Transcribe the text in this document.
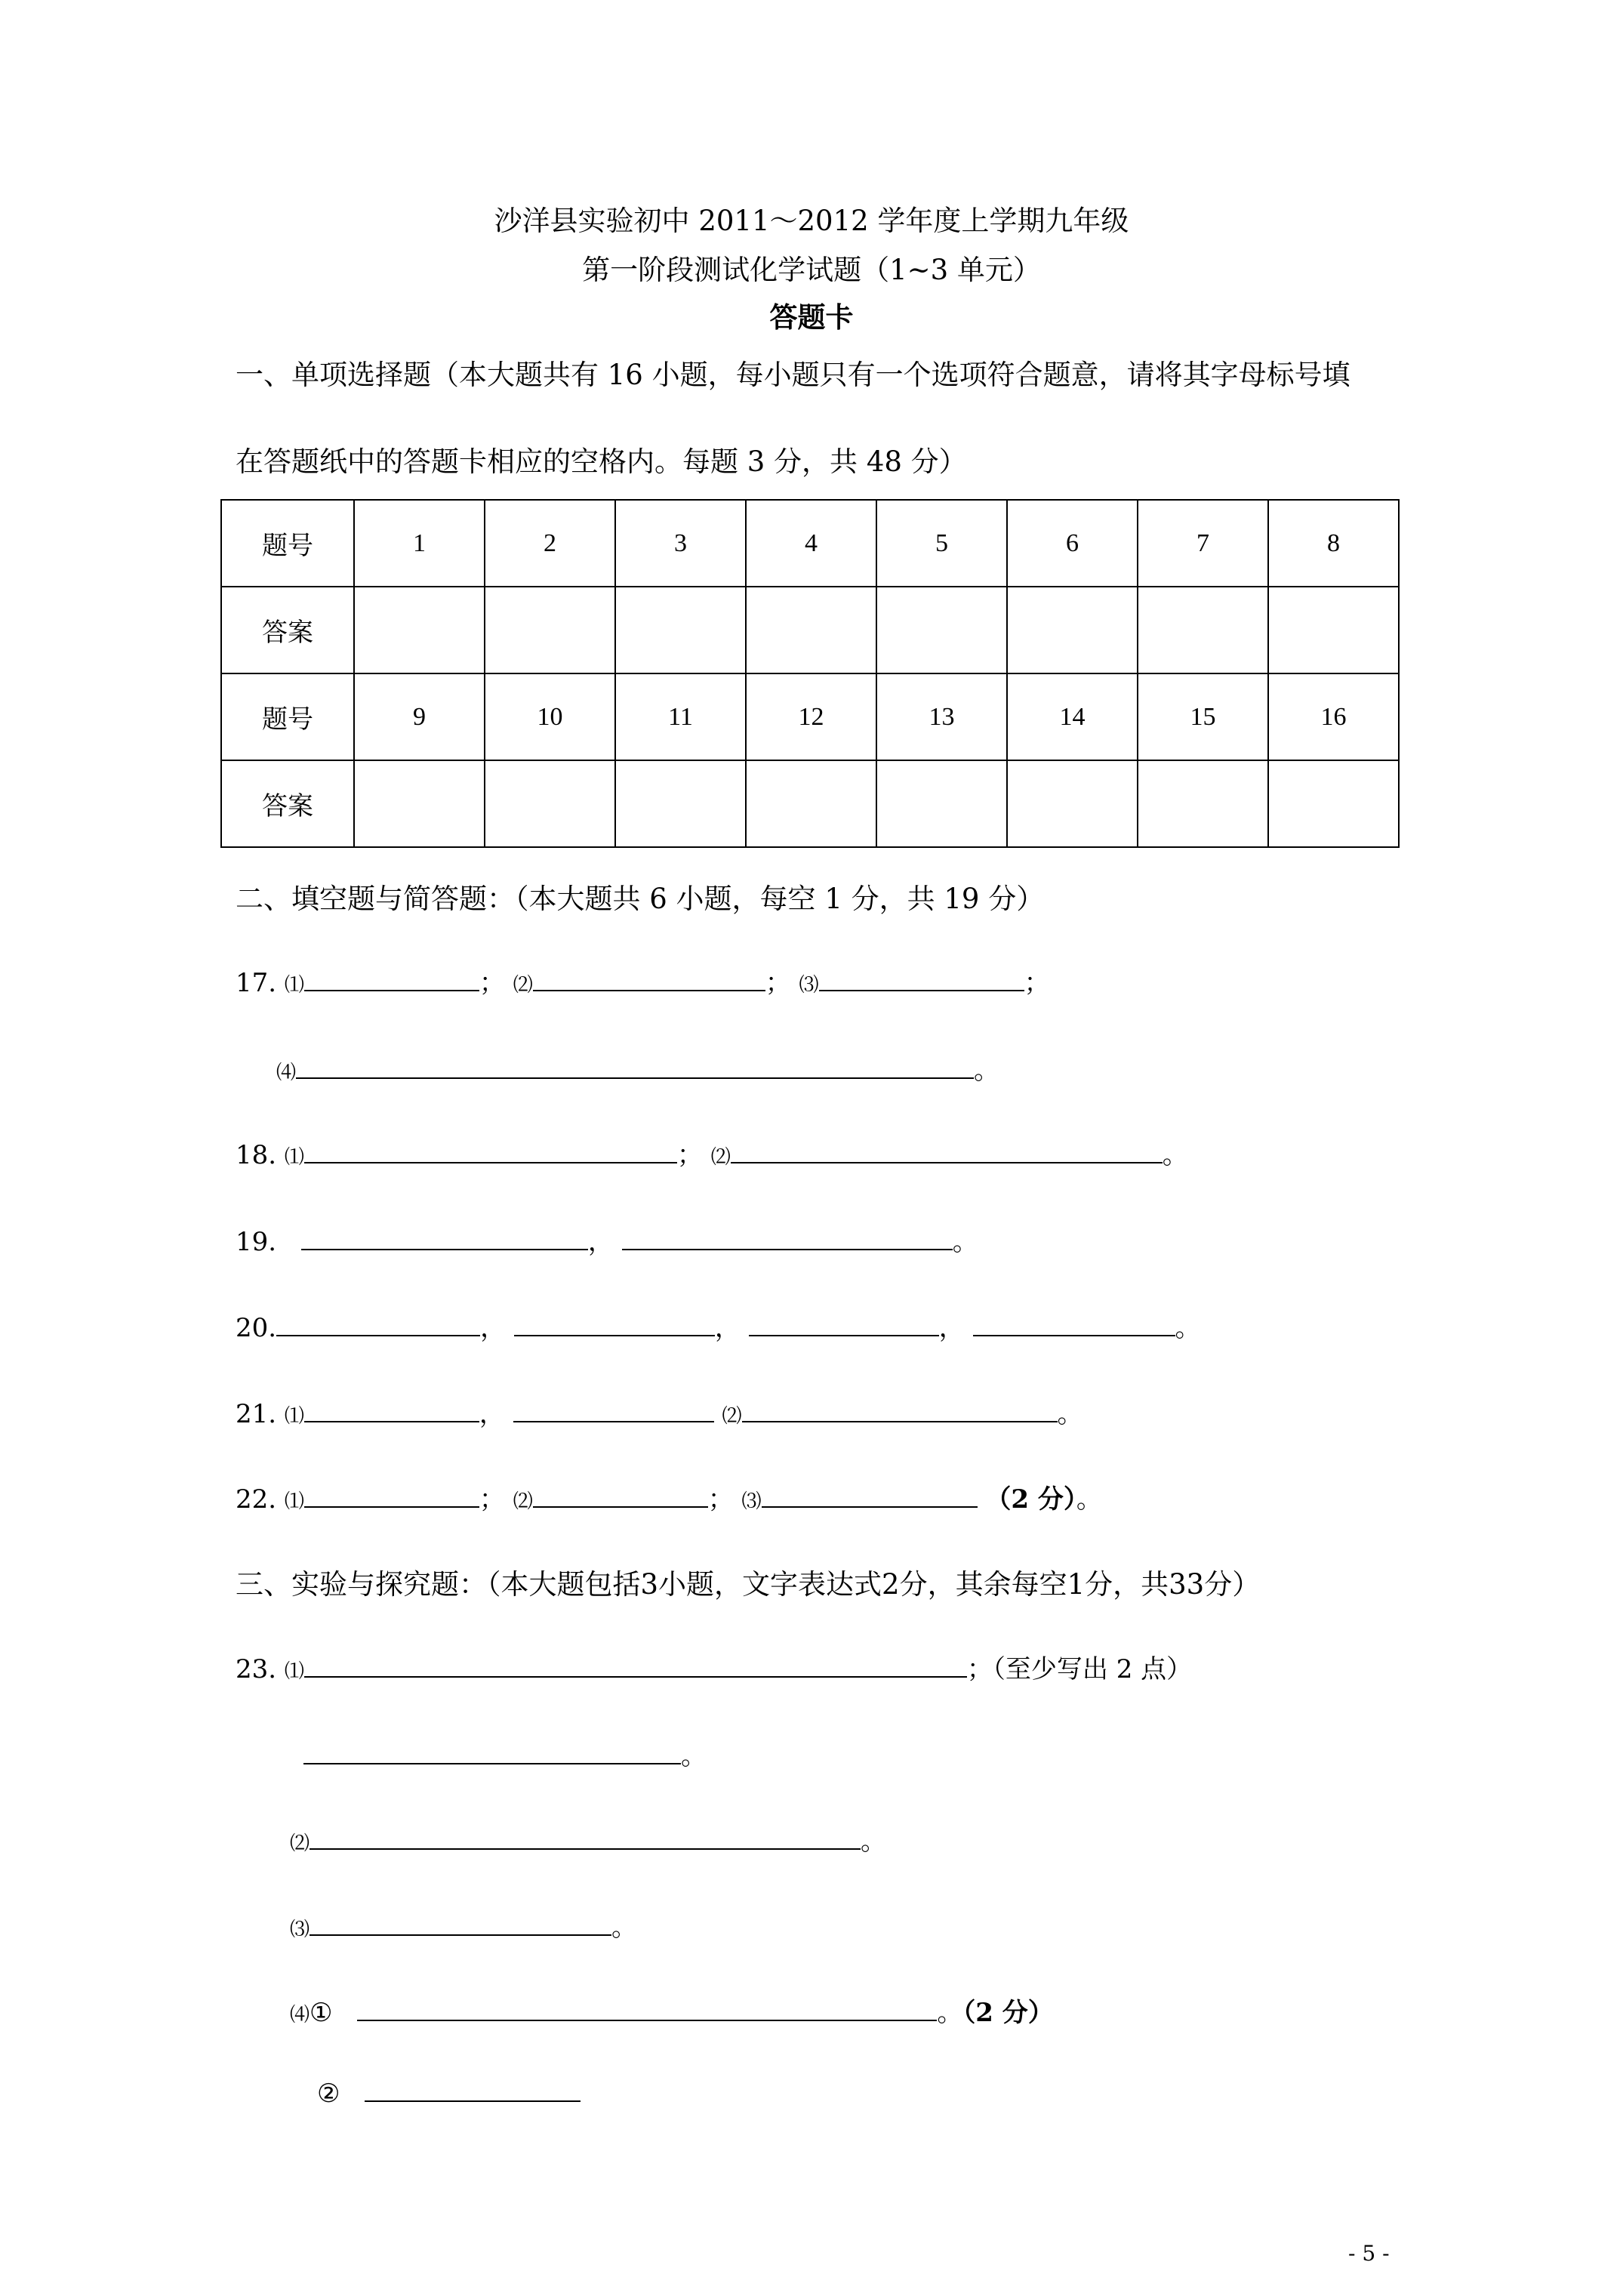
沙洋县实验初中 2011～2012 学年度上学期九年级
第一阶段测试化学试题（1~3 单元）
答题卡
一、单项选择题（本大题共有 16 小题，每小题只有一个选项符合题意，请将其字母标号填
在答题纸中的答题卡相应的空格内。每题 3 分，共 48 分）
题号	1	2	3	4	5	6	7	8
答案								
题号	9	10	11	12	13	14	15	16
答案								
二、填空题与简答题：（本大题共 6 小题，每空 1 分，共 19 分）
17. ⑴	； ⑵	； ⑶	；
⑷	。
18. ⑴	； ⑵	。
19.	，	。
20.	，	，	，	。
21. ⑴	，	⑵	。
22. ⑴	； ⑵	； ⑶	（2 分）。
三、实验与探究题：（本大题包括3小题，文字表达式2分，其余每空1分，共33分）
23. ⑴	；（至少写出 2 点）
。
⑵	。
⑶	。
⑷①	。（2 分）
②
- 5 -
